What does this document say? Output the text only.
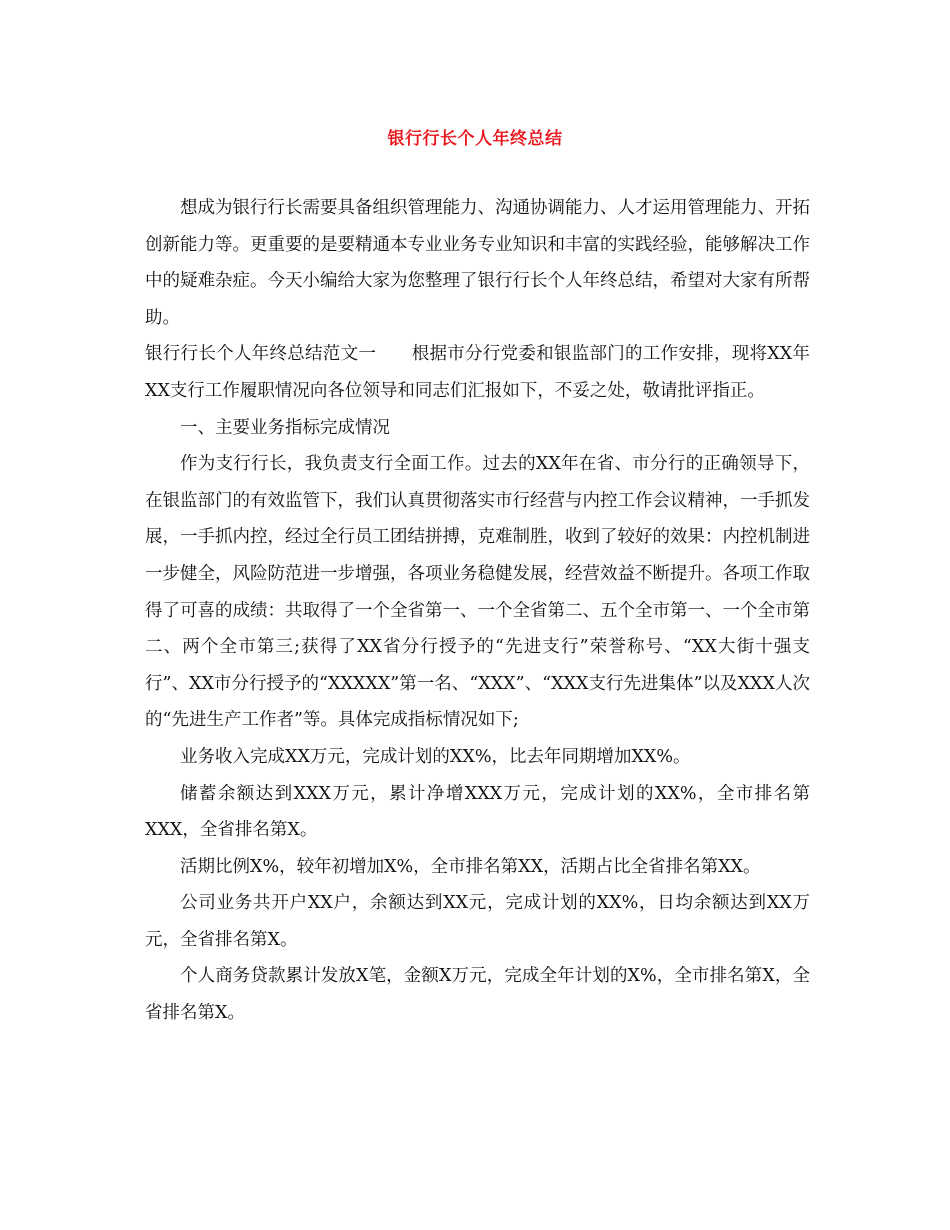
银行行长个人年终总结

想成为银行行长需要具备组织管理能力、沟通协调能力、人才运用管理能力、开拓创新能力等。更重要的是要精通本专业业务专业知识和丰富的实践经验，能够解决工作中的疑难杂症。今天小编给大家为您整理了银行行长个人年终总结，希望对大家有所帮助。

银行行长个人年终总结范文一　　根据市分行党委和银监部门的工作安排，现将XX年XX支行工作履职情况向各位领导和同志们汇报如下，不妥之处，敬请批评指正。

一、主要业务指标完成情况

作为支行行长，我负责支行全面工作。过去的XX年在省、市分行的正确领导下，在银监部门的有效监管下，我们认真贯彻落实市行经营与内控工作会议精神，一手抓发展，一手抓内控，经过全行员工团结拼搏，克难制胜，收到了较好的效果：内控机制进一步健全，风险防范进一步增强，各项业务稳健发展，经营效益不断提升。各项工作取得了可喜的成绩：共取得了一个全省第一、一个全省第二、五个全市第一、一个全市第二、两个全市第三;获得了XX省分行授予的“先进支行”荣誉称号、“XX大街十强支行”、XX市分行授予的“XXXXX”第一名、“XXX”、“XXX支行先进集体”以及XXX人次的“先进生产工作者”等。具体完成指标情况如下;

业务收入完成XX万元，完成计划的XX%，比去年同期增加XX%。

储蓄余额达到XXX万元，累计净增XXX万元，完成计划的XX%，全市排名第XXX，全省排名第X。

活期比例X%，较年初增加X%，全市排名第XX，活期占比全省排名第XX。

公司业务共开户XX户，余额达到XX元，完成计划的XX%，日均余额达到XX万元，全省排名第X。

个人商务贷款累计发放X笔，金额X万元，完成全年计划的X%，全市排名第X，全省排名第X。
